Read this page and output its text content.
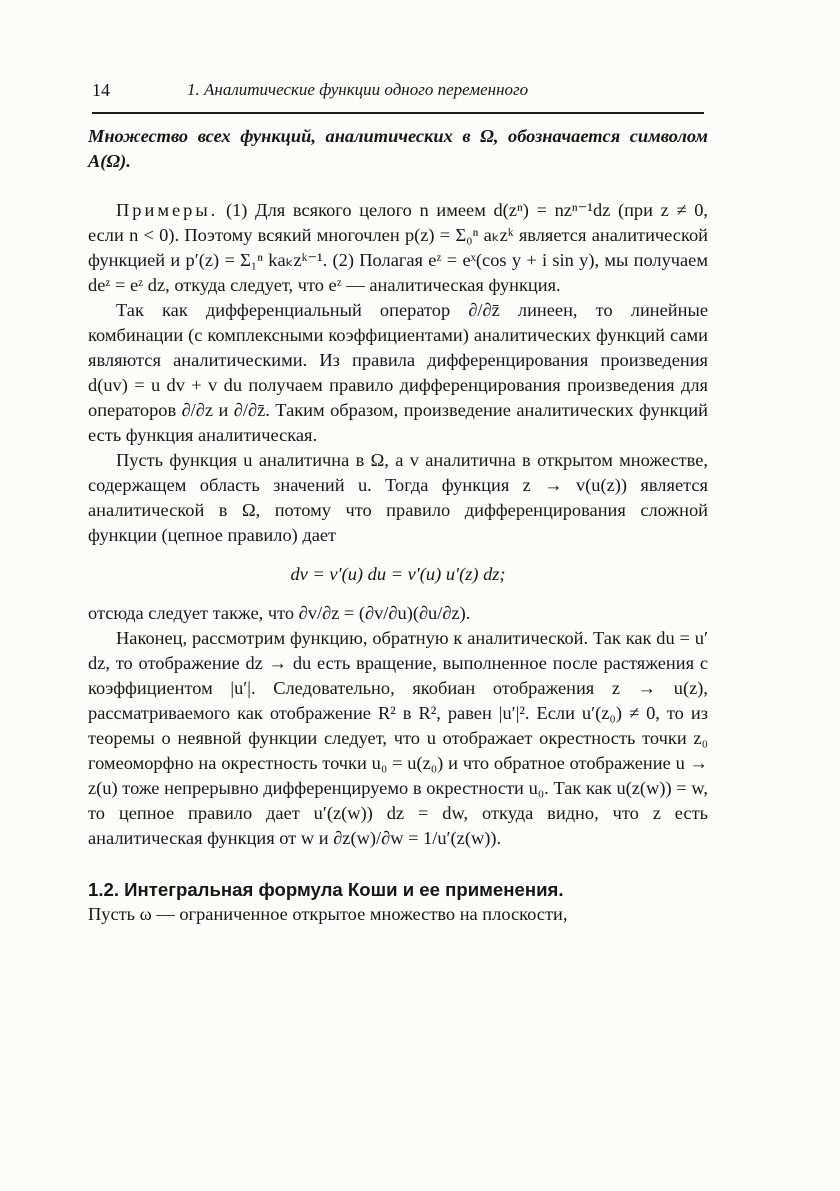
14	1. Аналитические функции одного переменного

Множество всех функций, аналитических в Ω, обозначается символом A(Ω).

Примеры. (1) Для всякого целого n имеем d(zⁿ) = nzⁿ⁻¹dz (при z ≠ 0, если n < 0). Поэтому всякий многочлен p(z) = Σ₀ⁿ aₖzᵏ является аналитической функцией и p′(z) = Σ₁ⁿ kaₖzᵏ⁻¹. (2) Полагая eᶻ = eˣ(cos y + i sin y), мы получаем deᶻ = eᶻ dz, откуда следует, что eᶻ — аналитическая функция.

Так как дифференциальный оператор ∂/∂z̄ линеен, то линейные комбинации (с комплексными коэффициентами) аналитических функций сами являются аналитическими. Из правила дифференцирования произведения d(uv) = u dv + v du получаем правило дифференцирования произведения для операторов ∂/∂z и ∂/∂z̄. Таким образом, произведение аналитических функций есть функция аналитическая.

Пусть функция u аналитична в Ω, а v аналитична в открытом множестве, содержащем область значений u. Тогда функция z → v(u(z)) является аналитической в Ω, потому что правило дифференцирования сложной функции (цепное правило) дает

dv = v′(u) du = v′(u) u′(z) dz;

отсюда следует также, что ∂v/∂z = (∂v/∂u)(∂u/∂z).

Наконец, рассмотрим функцию, обратную к аналитической. Так как du = u′ dz, то отображение dz → du есть вращение, выполненное после растяжения с коэффициентом |u′|. Следовательно, якобиан отображения z → u(z), рассматриваемого как отображение R² в R², равен |u′|². Если u′(z₀) ≠ 0, то из теоремы о неявной функции следует, что u отображает окрестность точки z₀ гомеоморфно на окрестность точки u₀ = u(z₀) и что обратное отображение u → z(u) тоже непрерывно дифференцируемо в окрестности u₀. Так как u(z(w)) = w, то цепное правило дает u′(z(w)) dz = dw, откуда видно, что z есть аналитическая функция от w и ∂z(w)/∂w = 1/u′(z(w)).

1.2. Интегральная формула Коши и ее применения.

Пусть ω — ограниченное открытое множество на плоскости,
